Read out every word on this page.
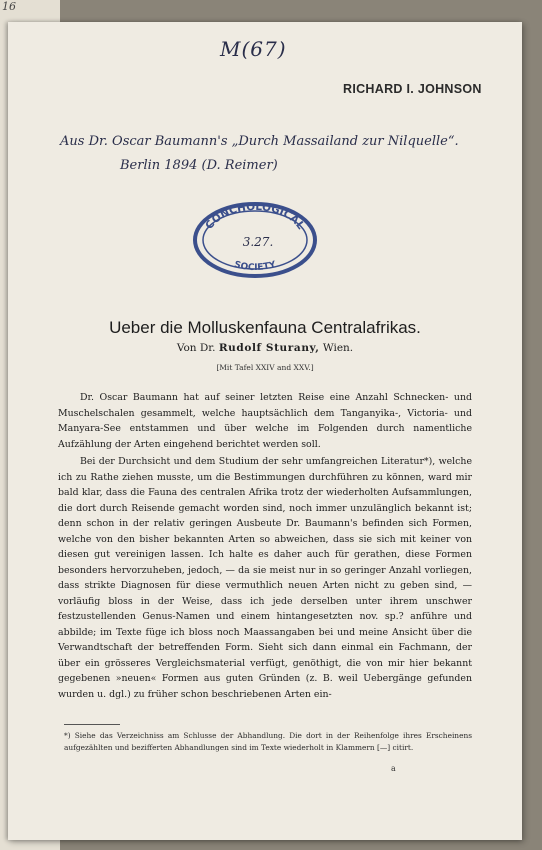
16
M(67)
RICHARD I. JOHNSON
Aus Dr. Oscar Baumann's „Durch Massailand zur Nilquelle“.
Berlin 1894 (D. Reimer)
CONCHOLOGICAL
SOCIETY
3.27.
Ueber die Molluskenfauna Centralafrikas.
Von Dr. Rudolf Sturany, Wien.
[Mit Tafel XXIV and XXV.]

Dr. Oscar Baumann hat auf seiner letzten Reise eine Anzahl Schnecken- und Muschelschalen gesammelt, welche hauptsächlich dem Tanganyika-, Victoria- und Manyara-See entstammen und über welche im Folgenden durch namentliche Aufzählung der Arten eingehend berichtet werden soll.

Bei der Durchsicht und dem Studium der sehr umfangreichen Literatur*), welche ich zu Rathe ziehen musste, um die Bestimmungen durchführen zu können, ward mir bald klar, dass die Fauna des centralen Afrika trotz der wiederholten Aufsammlungen, die dort durch Reisende gemacht worden sind, noch immer unzulänglich bekannt ist; denn schon in der relativ geringen Ausbeute Dr. Baumann's befinden sich Formen, welche von den bisher bekannten Arten so abweichen, dass sie sich mit keiner von diesen gut vereinigen lassen. Ich halte es daher auch für gerathen, diese Formen besonders hervorzuheben, jedoch, — da sie meist nur in so geringer Anzahl vorliegen, dass strikte Diagnosen für diese vermuthlich neuen Arten nicht zu geben sind, — vorläufig bloss in der Weise, dass ich jede derselben unter ihrem unschwer festzustellenden Genus-Namen und einem hintangesetzten nov. sp.? anführe und abbilde; im Texte füge ich bloss noch Maassangaben bei und meine Ansicht über die Verwandtschaft der betreffenden Form. Sieht sich dann einmal ein Fachmann, der über ein grösseres Vergleichsmaterial verfügt, genöthigt, die von mir hier bekannt gegebenen »neuen« Formen aus guten Gründen (z. B. weil Uebergänge gefunden wurden u. dgl.) zu früher schon beschriebenen Arten ein-

*) Siehe das Verzeichniss am Schlusse der Abhandlung. Die dort in der Reihenfolge ihres Erscheinens aufgezählten und bezifferten Abhandlungen sind im Texte wiederholt in Klammern [—] citirt.
a
